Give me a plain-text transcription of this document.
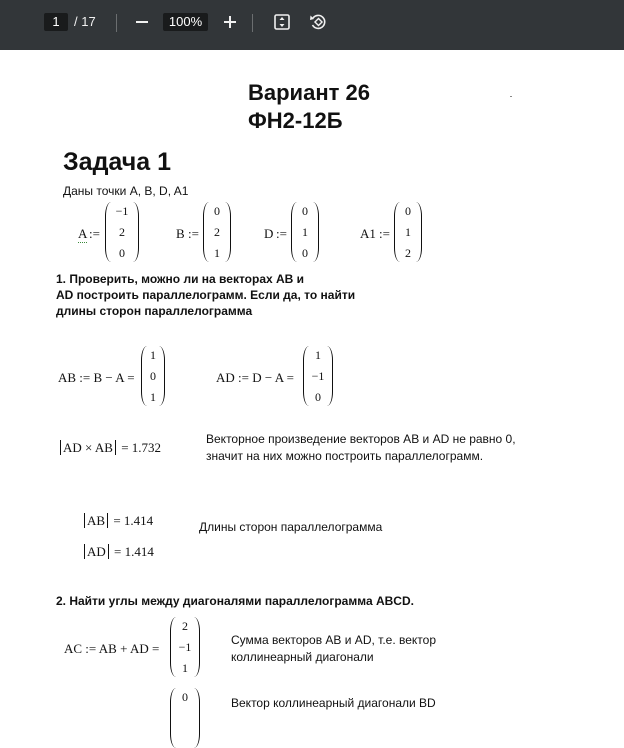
1	/ 17	100%
Вариант 26
ФН2-12Б
Задача 1
Даны точки A, B, D, A1
A :=
−1
2
0
B :=
0
2
1
D :=
0
1
0
A1 :=
0
1
2
1. Проверить, можно ли на векторах АВ и
AD построить параллелограмм. Если да, то найти
длины сторон параллелограмма
AB := B − A =
1
0
1
AD := D − A =
1
−1
0
AD × AB = 1.732
Векторное произведение векторов АВ и AD не равно 0,
значит на них можно построить параллелограмм.
AB = 1.414	Длины сторон параллелограмма
AD = 1.414
2. Найти углы между диагоналями параллелограмма ABCD.
AC := AB + AD =
2
−1
1
Сумма векторов АВ и AD, т.е. вектор
коллинеарный диагонали
0	Вектор коллинеарный диагонали BD
